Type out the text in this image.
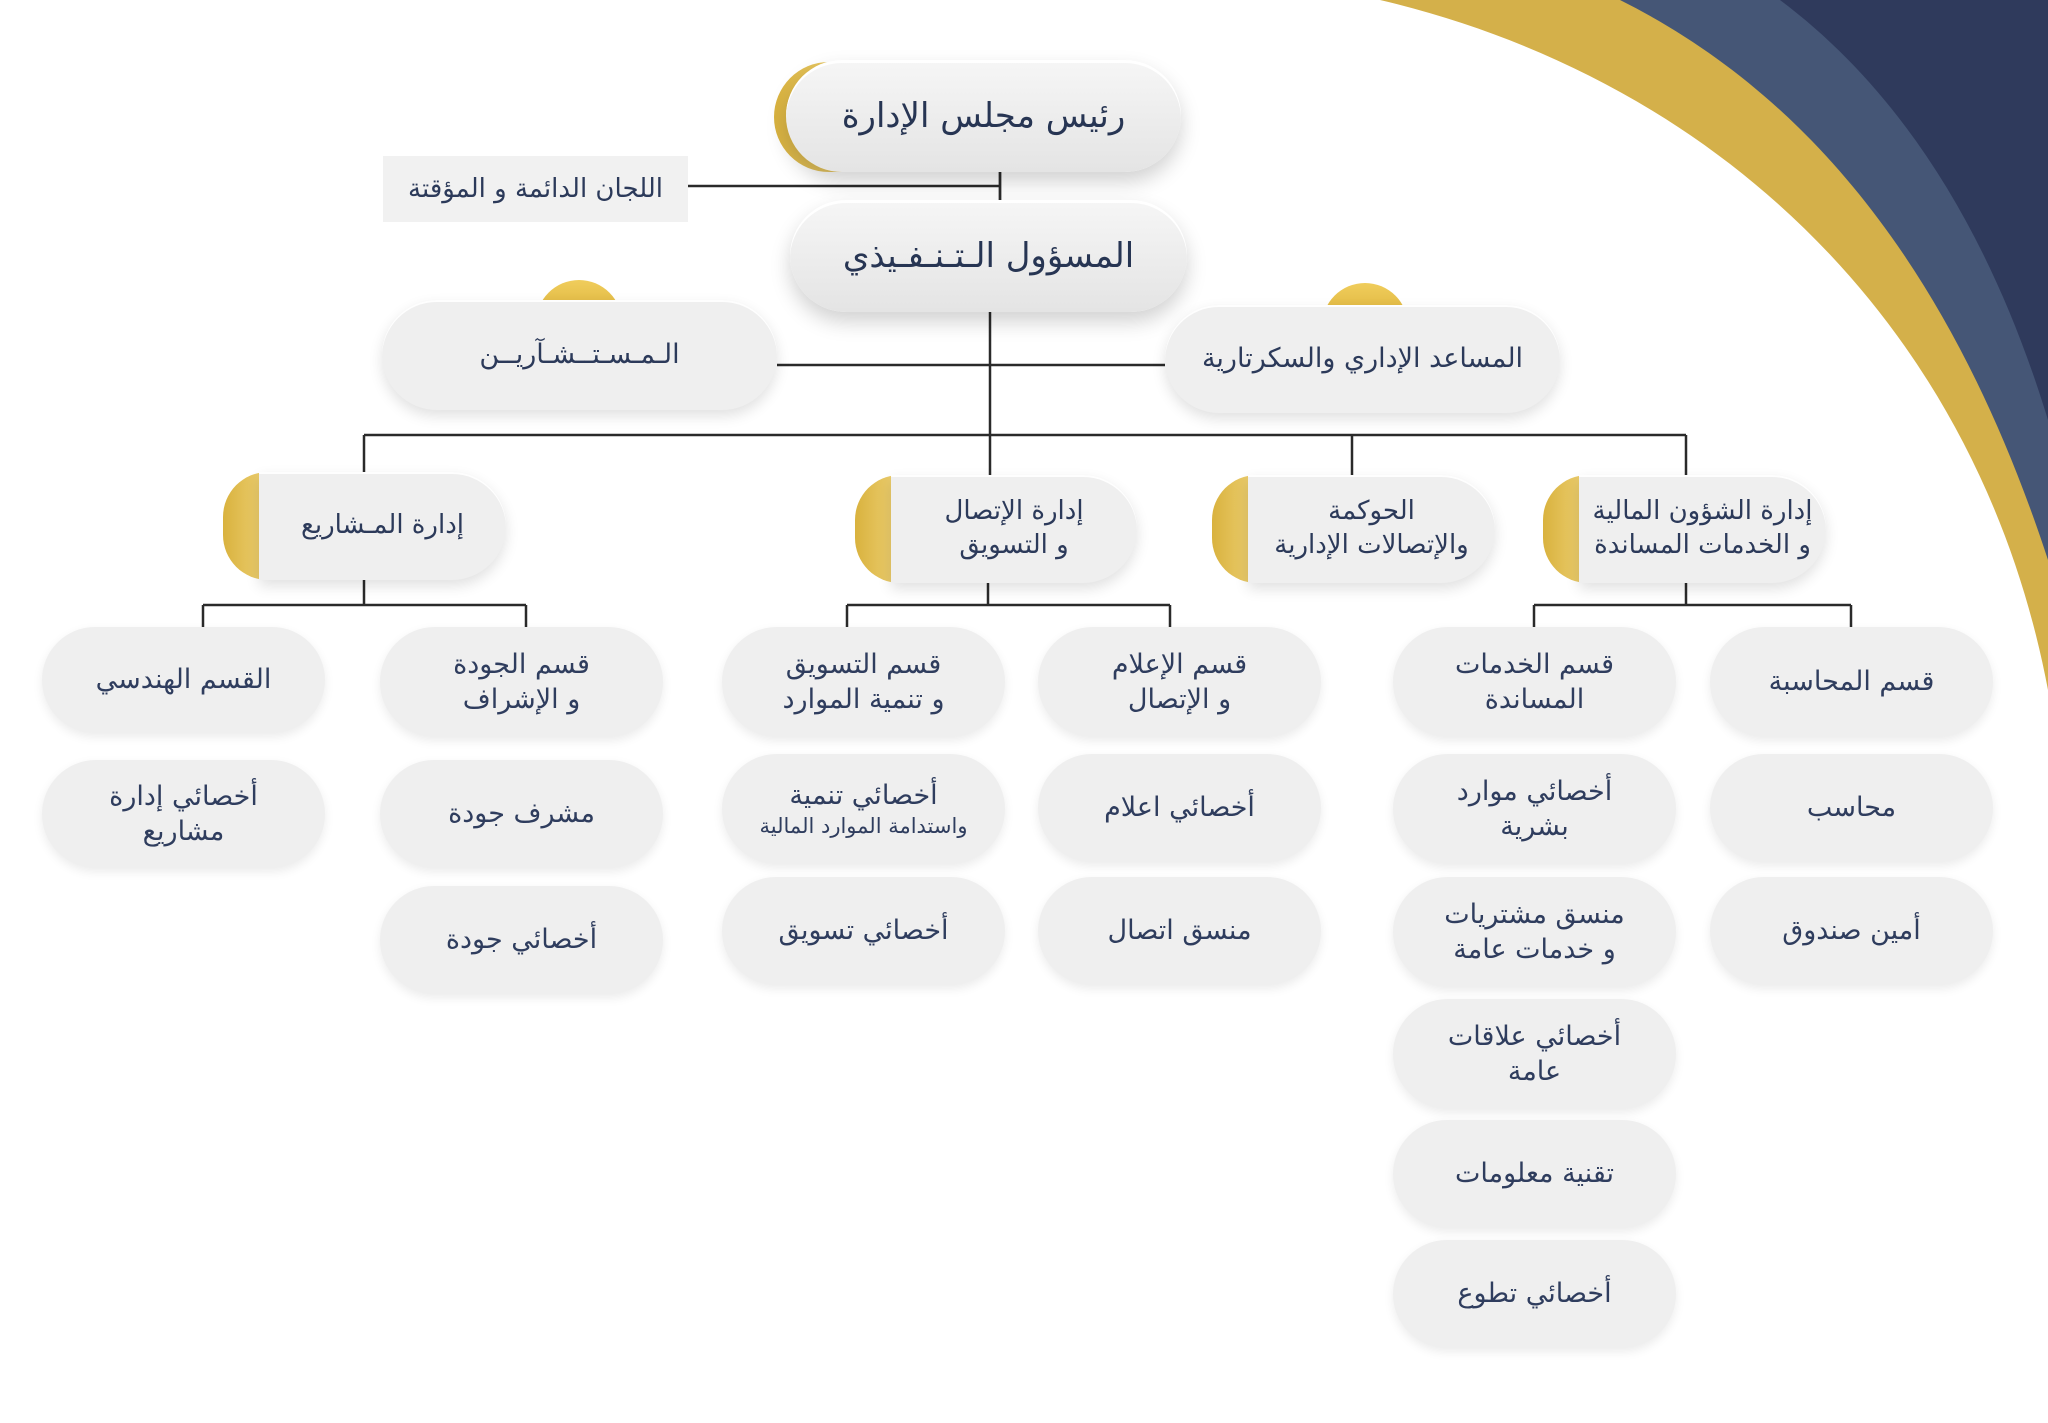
اللجان الدائمة و المؤقتة
رئيس مجلس الإدارة
المسؤول الـتـنـفـيذي
الـمـسـتــشـآريــن	المساعد الإداري والسكرتارية
إدارة المـشاريع	إدارة الإتصال
و التسويق
الحوكمة
والإتصالات الإدارية
إدارة الشؤون المالية
و الخدمات المساندة
القسم الهندسي
قسم الجودة
و الإشراف
قسم التسويق
و تنمية الموارد
قسم الإعلام
و الإتصال
قسم الخدمات
المساندة
قسم المحاسبة
أخصائي إدارة
مشاريع
مشرف جودة
أخصائي جودة
أخصائي تنمية
واستدامة الموارد المالية
أخصائي تسويق
أخصائي اعلام
منسق اتصال
أخصائي موارد
بشرية
منسق مشتريات
و خدمات عامة
أخصائي علاقات
عامة
تقنية معلومات
أخصائي تطوع
محاسب
أمين صندوق
